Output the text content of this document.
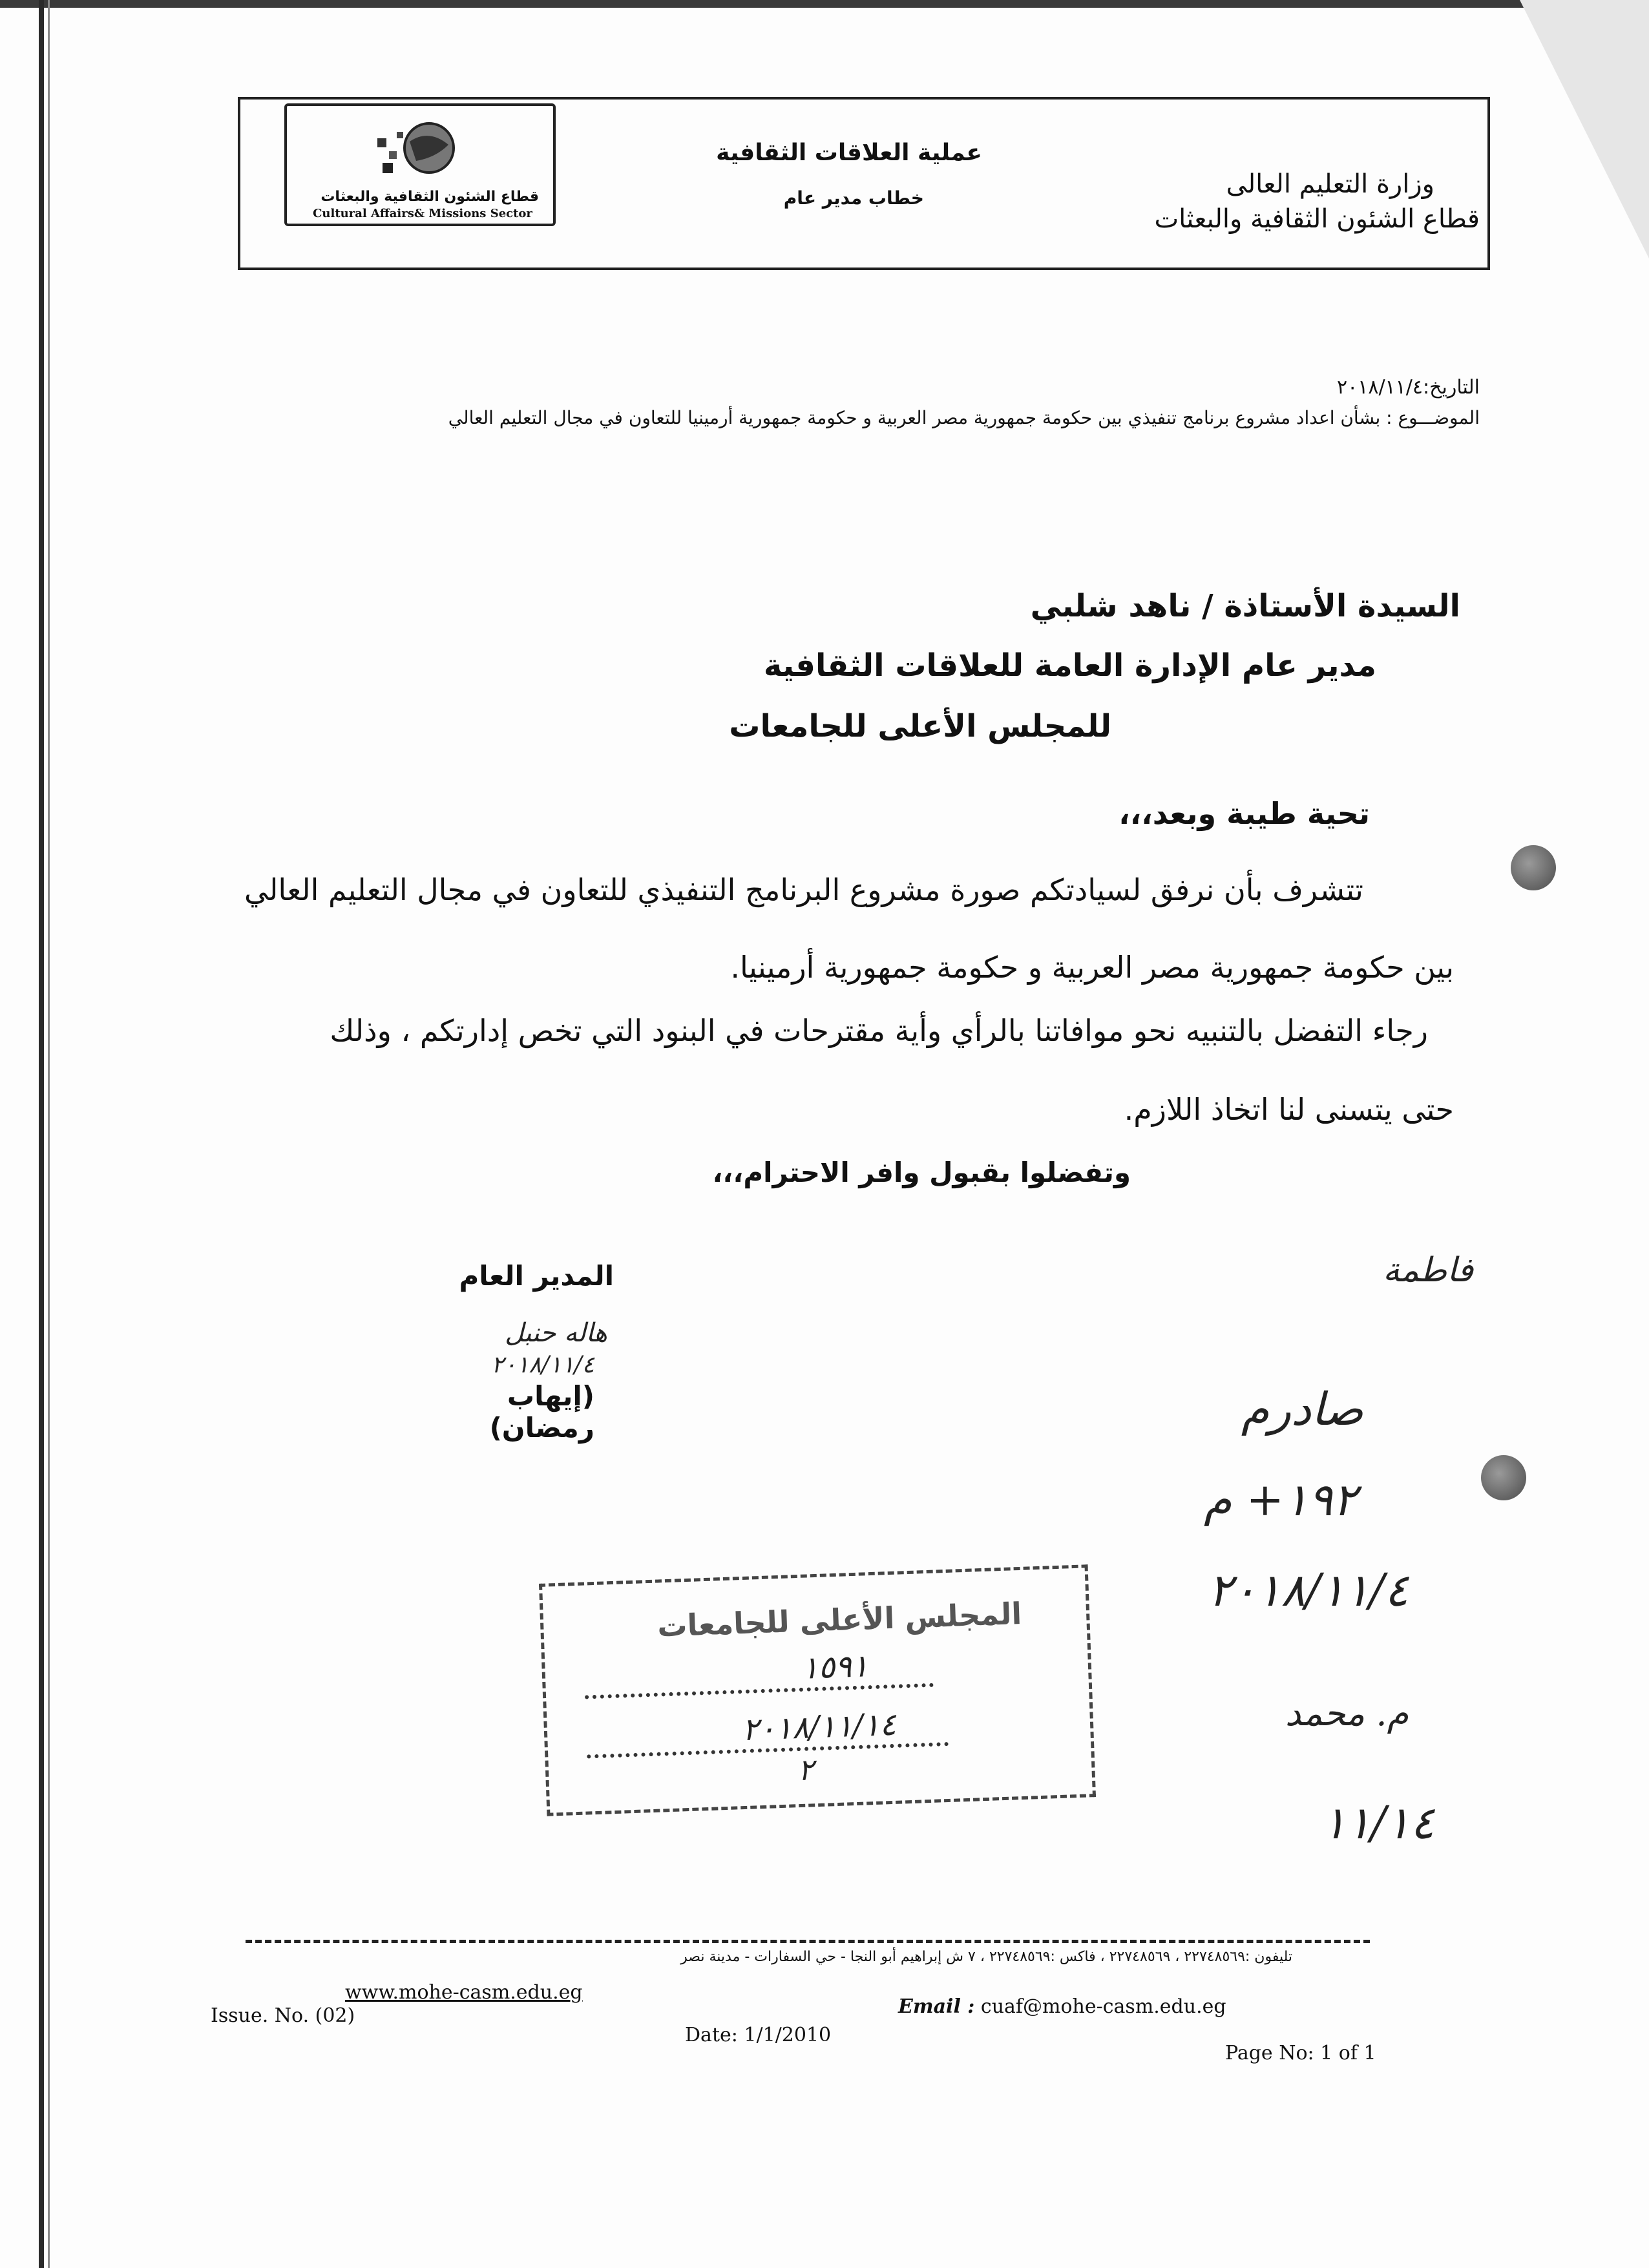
قطاع الشئون الثقافية والبعثات
Cultural Affairs& Missions Sector
عملية العلاقات الثقافية
خطاب مدير عام	وزارة التعليم العالى
قطاع الشئون الثقافية والبعثات
التاريخ:٢٠١٨/١١/٤
الموضـــوع : بشأن اعداد مشروع برنامج تنفيذي بين حكومة جمهورية مصر العربية و حكومة جمهورية أرمينيا للتعاون في مجال التعليم العالي
السيدة الأستاذة / ناهد شلبي
مدير عام الإدارة العامة للعلاقات الثقافية
للمجلس الأعلى للجامعات
تحية طيبة وبعد،،،
تتشرف بأن نرفق لسيادتكم صورة مشروع البرنامج التنفيذي للتعاون في مجال التعليم العالي
بين حكومة جمهورية مصر العربية و حكومة جمهورية أرمينيا.
رجاء التفضل بالتنبيه نحو موافاتنا بالرأي وأية مقترحات في البنود التي تخص إدارتكم ، وذلك
حتى يتسنى لنا اتخاذ اللازم.
وتفضلوا بقبول وافر الاحترام،،،
المدير العام
هاله حنبل
٢٠١٨/١١/٤
(إيهاب رمضان)
فاطمة
صادرم
١٩٢+ م
٢٠١٨/١١/٤
م. محمد
١١/١٤
المجلس الأعلى للجامعات
١٥٩١
٢٠١٨/١١/١٤
٢
تليفون :٢٢٧٤٨٥٦٩ ، ٢٢٧٤٨٥٦٩ ، فاكس :٢٢٧٤٨٥٦٩ ، ٧ ش إبراهيم أبو النجا - حي السفارات - مدينة نصر
www.mohe-casm.edu.eg
Email : cuaf@mohe-casm.edu.eg
Issue. No. (02)
Date: 1/1/2010
Page No: 1 of 1
